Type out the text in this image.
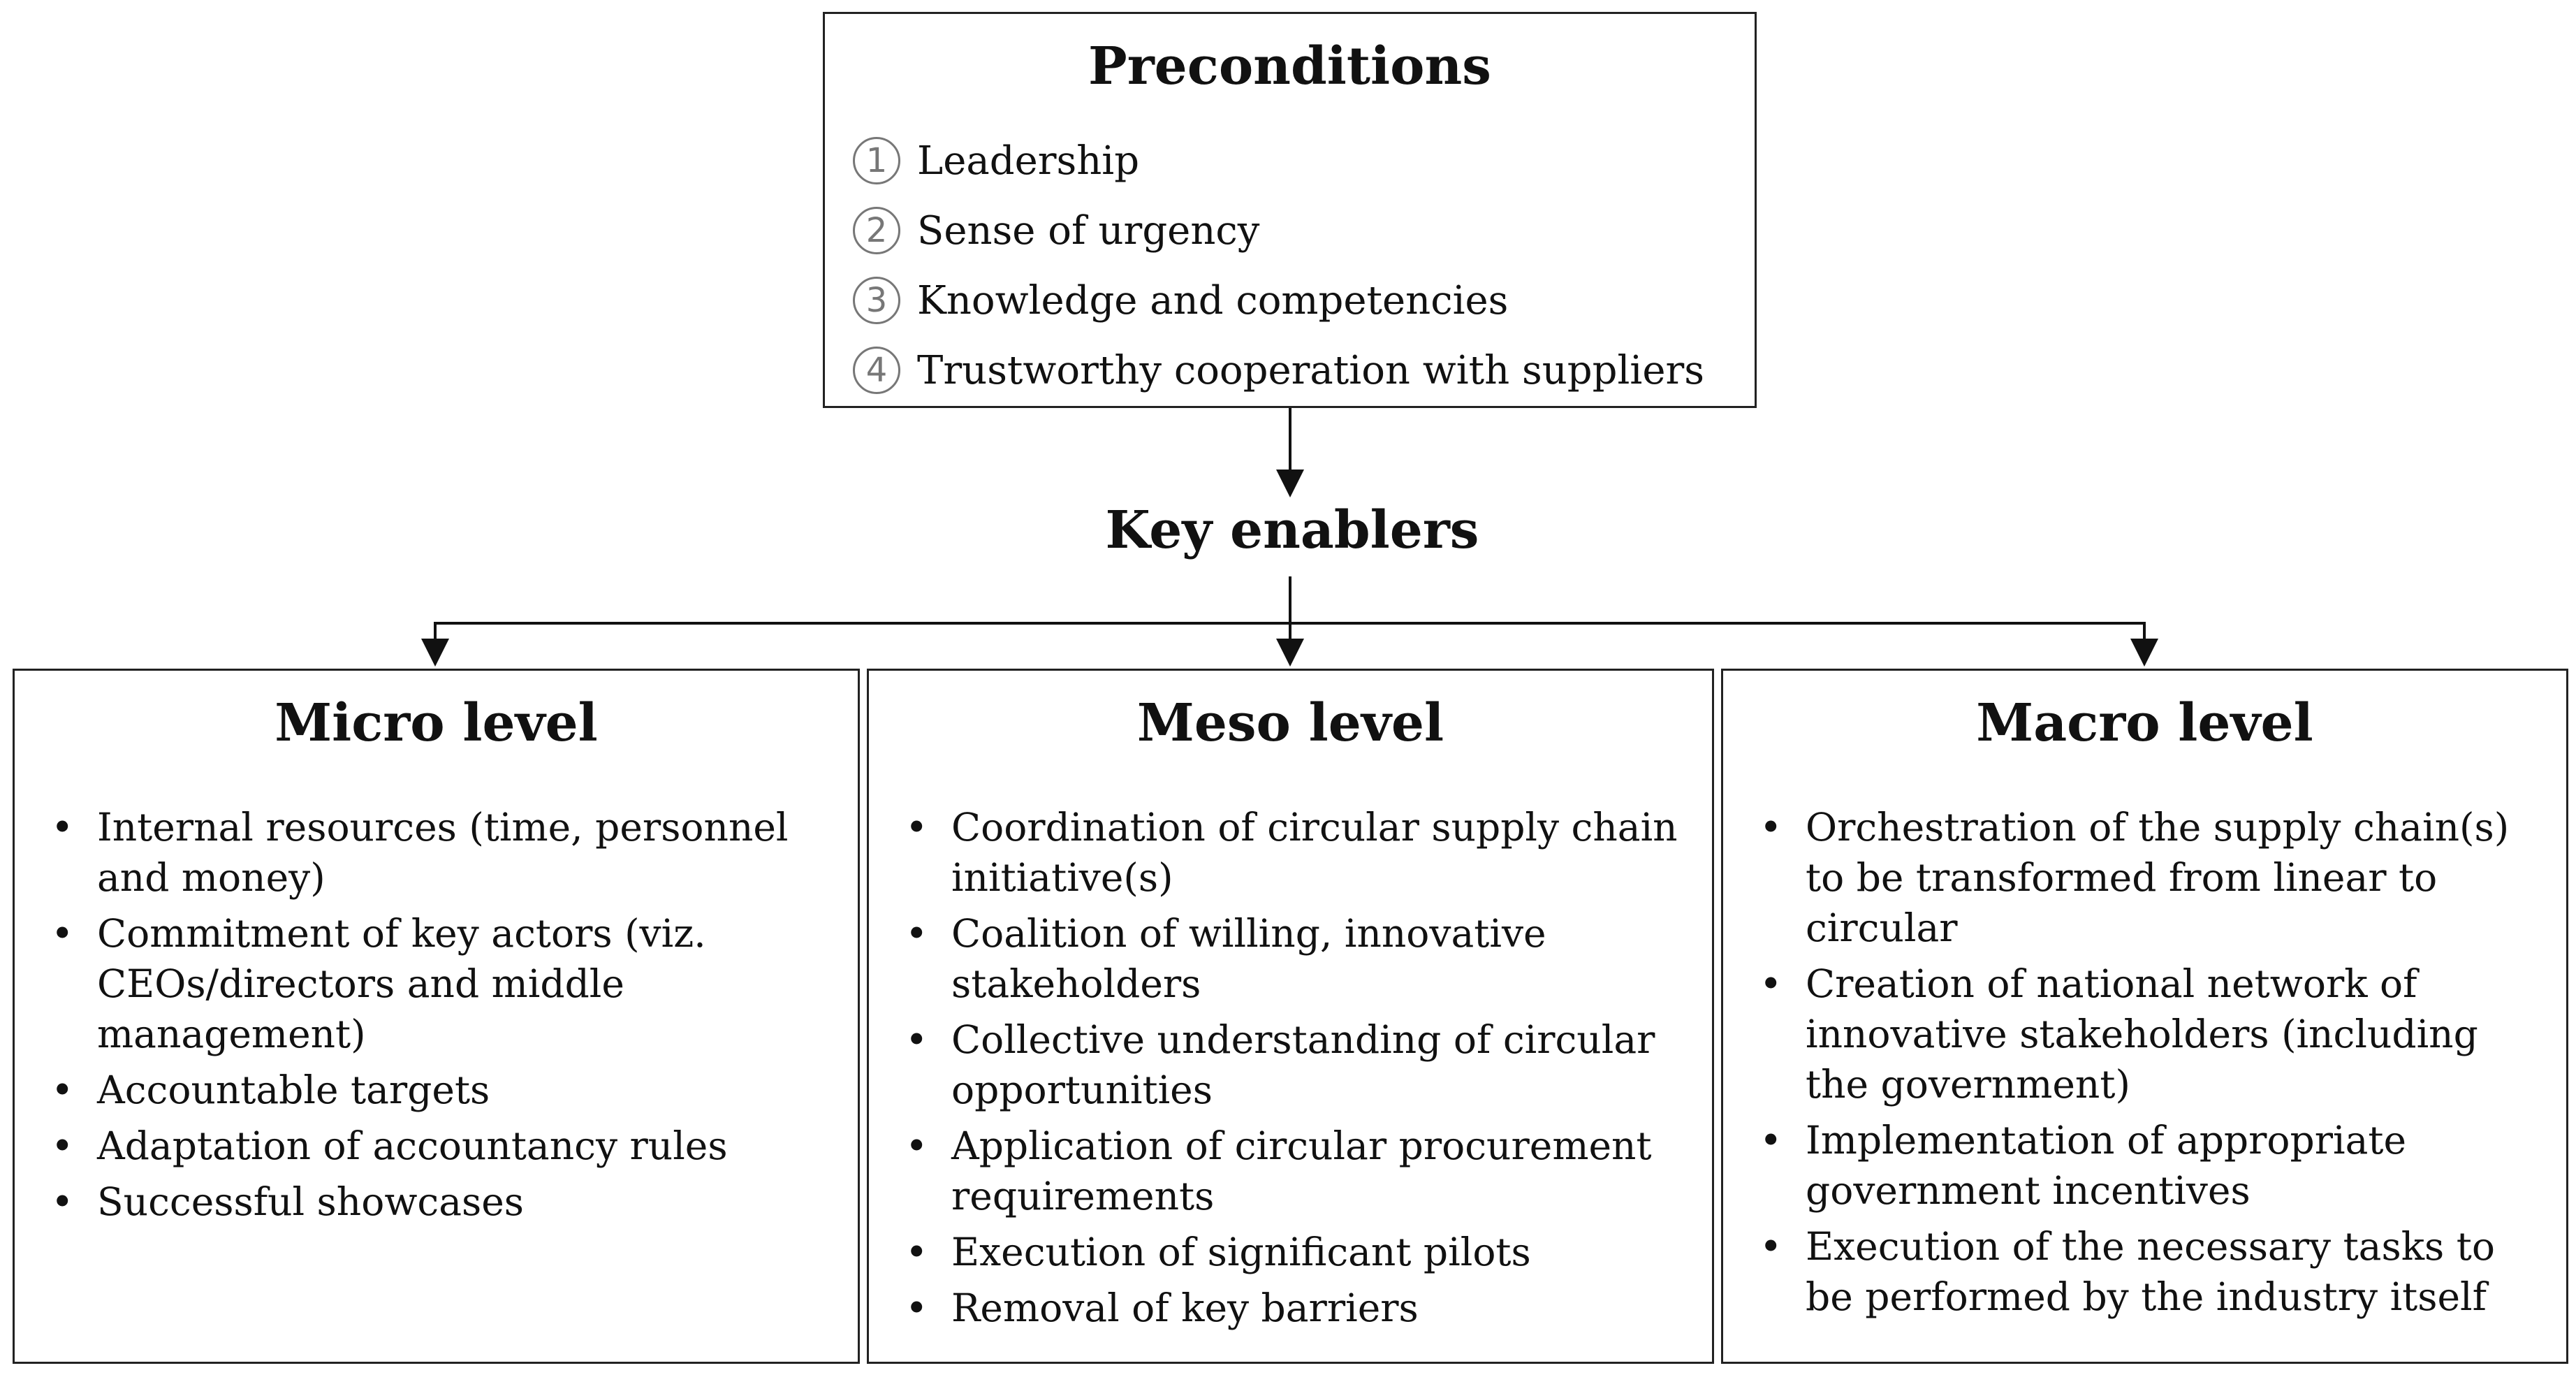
Preconditions
1 Leadership
2 Sense of urgency
3 Knowledge and competencies
4 Trustworthy cooperation with suppliers
Key enablers
Micro level
• Internal resources (time, personnel and money)
• Commitment of key actors (viz. CEOs/directors and middle management)
• Accountable targets
• Adaptation of accountancy rules
• Successful showcases
Meso level
• Coordination of circular supply chain initiative(s)
• Coalition of willing, innovative stakeholders
• Collective understanding of circular opportunities
• Application of circular procurement requirements
• Execution of significant pilots
• Removal of key barriers
Macro level
• Orchestration of the supply chain(s) to be transformed from linear to circular
• Creation of national network of innovative stakeholders (including the government)
• Implementation of appropriate government incentives
• Execution of the necessary tasks to be performed by the industry itself
